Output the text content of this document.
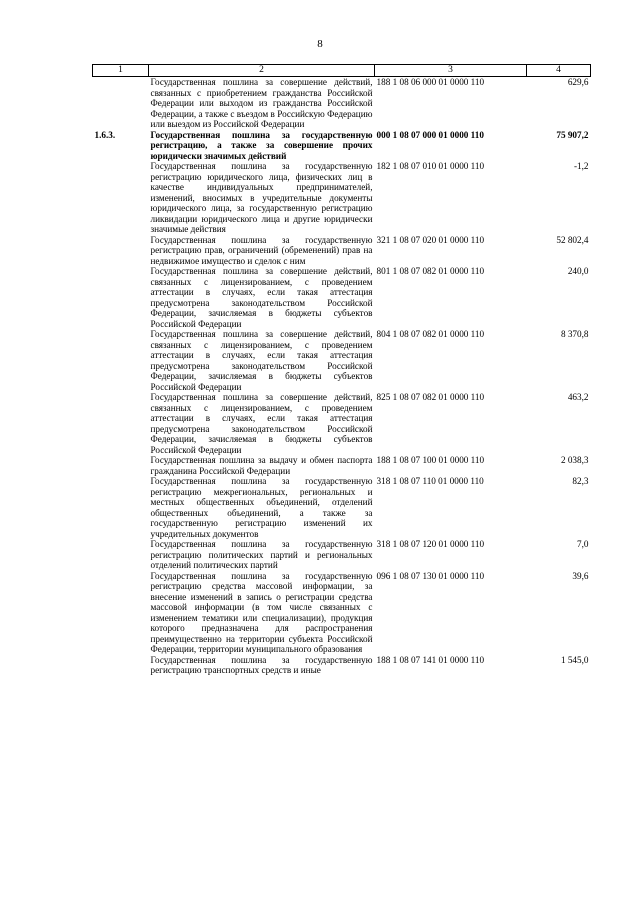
8
1	2	3	4
	Государственная пошлина за совершение действий, связанных с приобретением гражданства Российской Федерации или выходом из гражданства Российской Федерации, а также с въездом в Российскую Федерацию или выездом из Российской Федерации	188 1 08 06 000 01 0000 110	629,6
1.6.3.	Государственная пошлина за государственную регистрацию, а также за совершение прочих юридически значимых действий	000 1 08 07 000 01 0000 110	75 907,2
	Государственная пошлина за государственную регистрацию юридического лица, физических лиц в качестве индивидуальных предпринимателей, изменений, вносимых в учредительные документы юридического лица, за государственную регистрацию ликвидации юридического лица и другие юридически значимые действия	182 1 08 07 010 01 0000 110	-1,2
	Государственная пошлина за государственную регистрацию прав, ограничений (обременений) прав на недвижимое имущество и сделок с ним	321 1 08 07 020 01 0000 110	52 802,4
	Государственная пошлина за совершение действий, связанных с лицензированием, с проведением аттестации в случаях, если такая аттестация предусмотрена законодательством Российской Федерации, зачисляемая в бюджеты субъектов Российской Федерации	801 1 08 07 082 01 0000 110	240,0
	Государственная пошлина за совершение действий, связанных с лицензированием, с проведением аттестации в случаях, если такая аттестация предусмотрена законодательством Российской Федерации, зачисляемая в бюджеты субъектов Российской Федерации	804 1 08 07 082 01 0000 110	8 370,8
	Государственная пошлина за совершение действий, связанных с лицензированием, с проведением аттестации в случаях, если такая аттестация предусмотрена законодательством Российской Федерации, зачисляемая в бюджеты субъектов Российской Федерации	825 1 08 07 082 01 0000 110	463,2
	Государственная пошлина за выдачу и обмен паспорта гражданина Российской Федерации	188 1 08 07 100 01 0000 110	2 038,3
	Государственная пошлина за государственную регистрацию межрегиональных, региональных и местных общественных объединений, отделений общественных объединений, а также за государственную регистрацию изменений их учредительных документов	318 1 08 07 110 01 0000 110	82,3
	Государственная пошлина за государственную регистрацию политических партий и региональных отделений политических партий	318 1 08 07 120 01 0000 110	7,0
	Государственная пошлина за государственную регистрацию средства массовой информации, за внесение изменений в запись о регистрации средства массовой информации (в том числе связанных с изменением тематики или специализации), продукция которого предназначена для распространения преимущественно на территории субъекта Российской Федерации, территории муниципального образования	096 1 08 07 130 01 0000 110	39,6
	Государственная пошлина за государственную регистрацию транспортных средств и иные	188 1 08 07 141 01 0000 110	1 545,0
